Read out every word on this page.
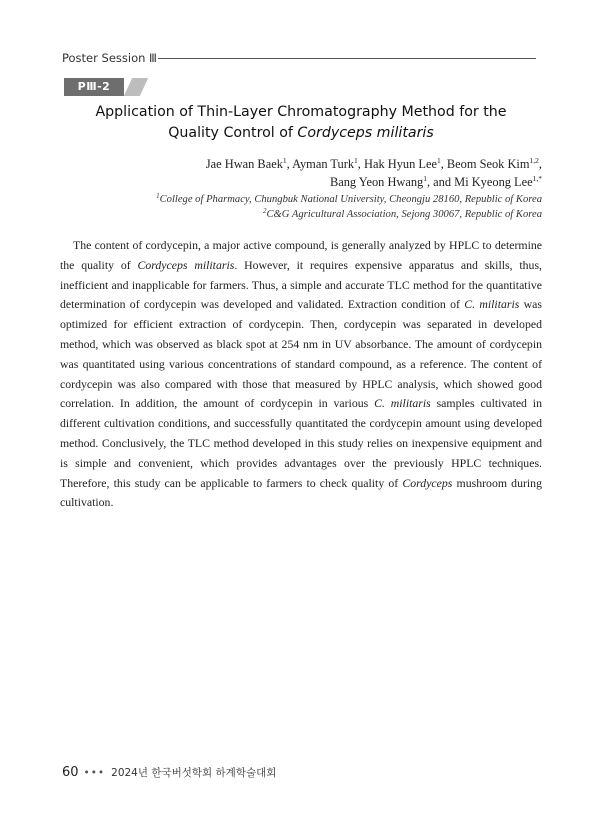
Poster Session Ⅲ
PⅢ-2
Application of Thin-Layer Chromatography Method for the
Quality Control of Cordyceps militaris
Jae Hwan Baek$^1$, Ayman Turk$^1$, Hak Hyun Lee$^1$, Beom Seok Kim$^{1,2}$,
Bang Yeon Hwang$^1$, and Mi Kyeong Lee$^{1,*}$
$^1$College of Pharmacy, Chungbuk National University, Cheongju 28160, Republic of Korea
$^2$C&G Agricultural Association, Sejong 30067, Republic of Korea

The content of cordycepin, a major active compound, is generally analyzed by HPLC to determine the quality of Cordyceps militaris. However, it requires expensive apparatus and skills, thus, inefficient and inapplicable for farmers. Thus, a simple and accurate TLC method for the quantitative determination of cordycepin was developed and validated. Extraction condition of C. militaris was optimized for efficient extraction of cordycepin. Then, cordycepin was separated in developed method, which was observed as black spot at 254 nm in UV absorbance. The amount of cordycepin was quantitated using various concentrations of standard compound, as a reference. The content of cordycepin was also compared with those that measured by HPLC analysis, which showed good correlation. In addition, the amount of cordycepin in various C. militaris samples cultivated in different cultivation conditions, and successfully quantitated the cordycepin amount using developed method. Conclusively, the TLC method developed in this study relies on inexpensive equipment and is simple and convenient, which provides advantages over the previously HPLC techniques. Therefore, this study can be applicable to farmers to check quality of Cordyceps mushroom during cultivation.

60 ••• 2024년 한국버섯학회 하계학술대회
